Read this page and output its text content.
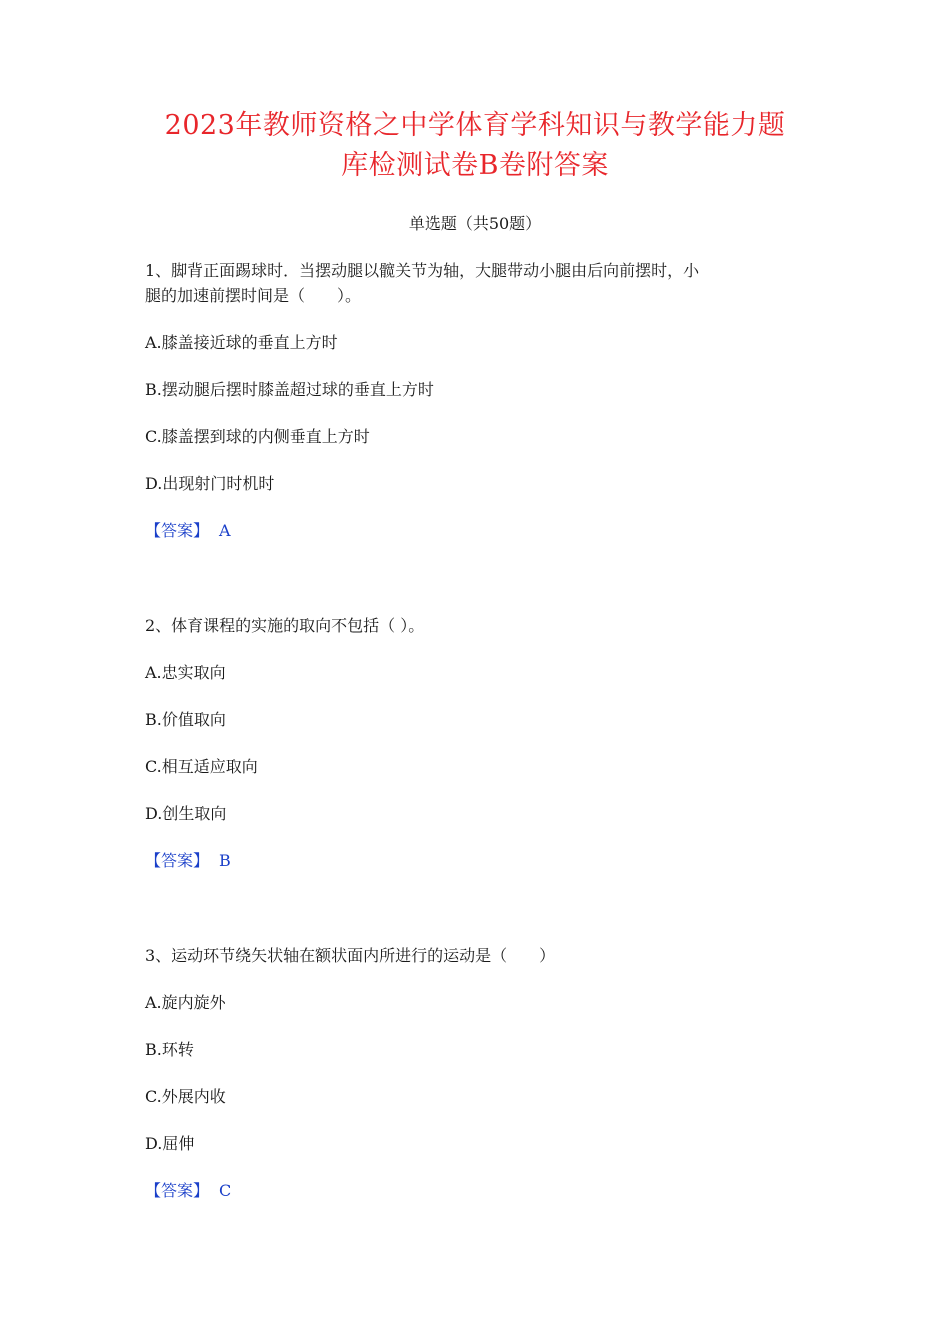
2023年教师资格之中学体育学科知识与教学能力题
库检测试卷B卷附答案
单选题（共50题）
1、脚背正面踢球时．当摆动腿以髋关节为轴，大腿带动小腿由后向前摆时，小
腿的加速前摆时间是（　　）。
A.膝盖接近球的垂直上方时
B.摆动腿后摆时膝盖超过球的垂直上方时
C.膝盖摆到球的内侧垂直上方时
D.出现射门时机时
【答案】 A
2、体育课程的实施的取向不包括（ ）。
A.忠实取向
B.价值取向
C.相互适应取向
D.创生取向
【答案】 B
3、运动环节绕矢状轴在额状面内所进行的运动是（　　）
A.旋内旋外
B.环转
C.外展内收
D.屈伸
【答案】 C
